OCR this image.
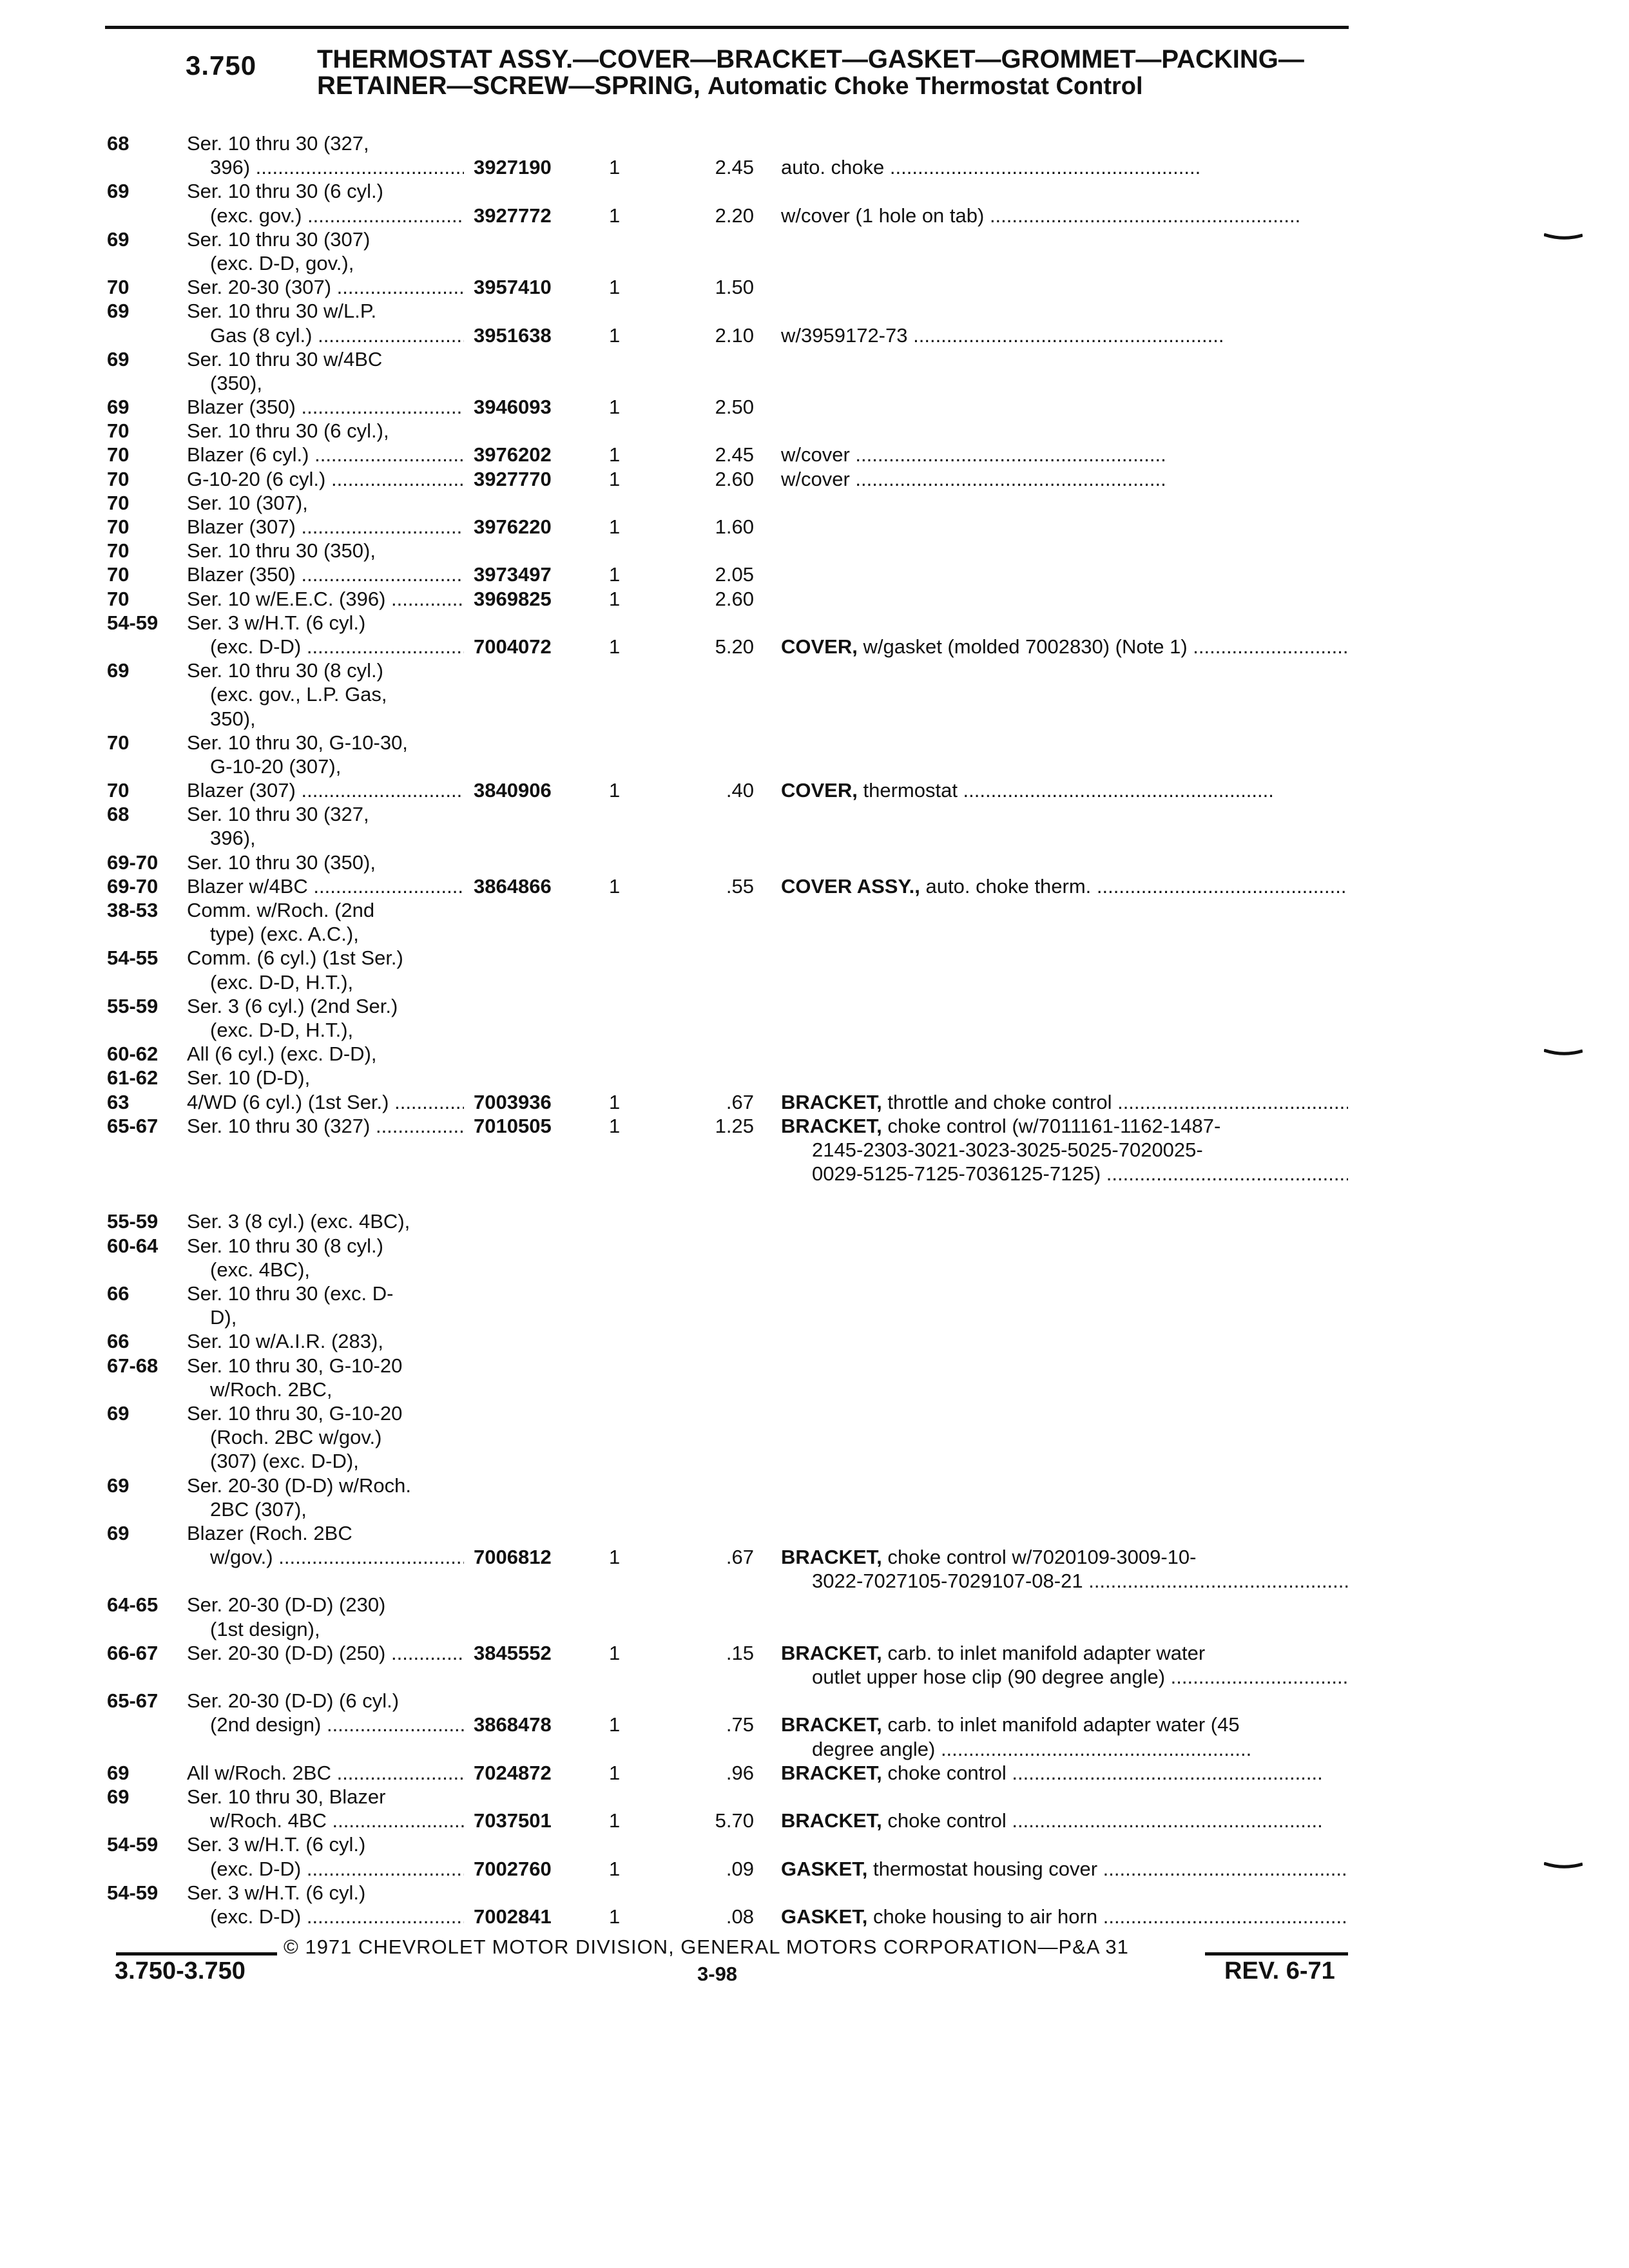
3.750 THERMOSTAT ASSY.—COVER—BRACKET—GASKET—GROMMET—PACKING—RETAINER—SCREW—SPRING, Automatic Choke Thermostat Control
68	Ser. 10 thru 30 (327,
396) .....	3927190	1	2.45 auto. choke .....
69	Ser. 10 thru 30 (6 cyl.)
(exc. gov.) .....	3927772	1	2.20 w/cover (1 hole on tab) .....
69	Ser. 10 thru 30 (307)
(exc. D-D, gov.),
70	Ser. 20-30 (307) .....	3957410	1	1.50
69	Ser. 10 thru 30 w/L.P.
Gas (8 cyl.) .....	3951638	1	2.10 w/3959172-73 .....
69	Ser. 10 thru 30 w/4BC
(350),
69	Blazer (350) .....	3946093	1	2.50
70	Ser. 10 thru 30 (6 cyl.),
70	Blazer (6 cyl.) .....	3976202	1	2.45 w/cover .....
70	G-10-20 (6 cyl.) .....	3927770	1	2.60 w/cover .....
70	Ser. 10 (307),
70	Blazer (307) .....	3976220	1	1.60
70	Ser. 10 thru 30 (350),
70	Blazer (350) .....	3973497	1	2.05
70	Ser. 10 w/E.E.C. (396) .....	3969825	1	2.60
54-59	Ser. 3 w/H.T. (6 cyl.)
(exc. D-D) .....	7004072	1	5.20 COVER, w/gasket (molded 7002830) (Note 1) .....
69	Ser. 10 thru 30 (8 cyl.)
(exc. gov., L.P. Gas,
350),
70	Ser. 10 thru 30, G-10-30,
G-10-20 (307),
70	Blazer (307) .....	3840906	1	.40 COVER, thermostat .....
68	Ser. 10 thru 30 (327,
396),
69-70	Ser. 10 thru 30 (350),
69-70	Blazer w/4BC .....	3864866	1	.55 COVER ASSY., auto. choke therm. .....
38-53	Comm. w/Roch. (2nd
type) (exc. A.C.),
54-55	Comm. (6 cyl.) (1st Ser.)
(exc. D-D, H.T.),
55-59	Ser. 3 (6 cyl.) (2nd Ser.)
(exc. D-D, H.T.),
60-62	All (6 cyl.) (exc. D-D),
61-62	Ser. 10 (D-D),
63	4/WD (6 cyl.) (1st Ser.) .....	7003936	1	.67 BRACKET, throttle and choke control .....
65-67	Ser. 10 thru 30 (327) .....	7010505	1	1.25 BRACKET, choke control (w/7011161-1162-1487-
2145-2303-3021-3023-3025-5025-7020025-
0029-5125-7125-7036125-7125) .....
55-59	Ser. 3 (8 cyl.) (exc. 4BC),
60-64	Ser. 10 thru 30 (8 cyl.)
(exc. 4BC),
66	Ser. 10 thru 30 (exc. D-
D),
66	Ser. 10 w/A.I.R. (283),
67-68	Ser. 10 thru 30, G-10-20
w/Roch. 2BC,
69	Ser. 10 thru 30, G-10-20
(Roch. 2BC w/gov.)
(307) (exc. D-D),
69	Ser. 20-30 (D-D) w/Roch.
2BC (307),
69	Blazer (Roch. 2BC
w/gov.) .....	7006812	1	.67 BRACKET, choke control w/7020109-3009-10-
3022-7027105-7029107-08-21 .....
64-65	Ser. 20-30 (D-D) (230)
(1st design),
66-67	Ser. 20-30 (D-D) (250) .....	3845552	1	.15 BRACKET, carb. to inlet manifold adapter water
outlet upper hose clip (90 degree angle) .....
65-67	Ser. 20-30 (D-D) (6 cyl.)
(2nd design) .....	3868478	1	.75 BRACKET, carb. to inlet manifold adapter water (45
degree angle) .....
69	All w/Roch. 2BC .....	7024872	1	.96 BRACKET, choke control .....
69	Ser. 10 thru 30, Blazer
w/Roch. 4BC .....	7037501	1	5.70 BRACKET, choke control .....
54-59	Ser. 3 w/H.T. (6 cyl.)
(exc. D-D) .....	7002760	1	.09 GASKET, thermostat housing cover .....
54-59	Ser. 3 w/H.T. (6 cyl.)
(exc. D-D) .....	7002841	1	.08 GASKET, choke housing to air horn .....
© 1971 CHEVROLET MOTOR DIVISION, GENERAL MOTORS CORPORATION—P&A 31
3.750-3.750	3-98	REV. 6-71
